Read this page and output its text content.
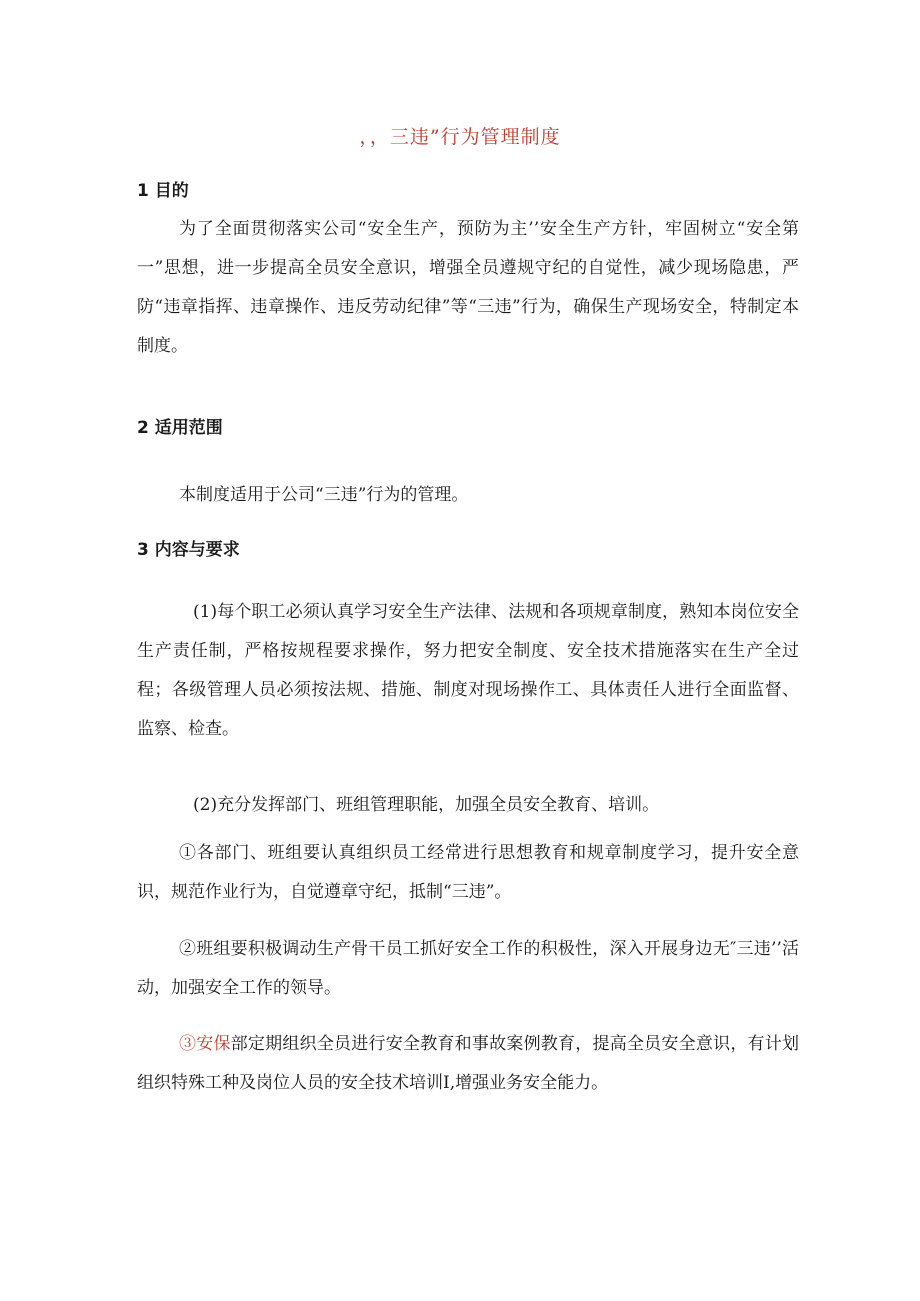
，，三违”行为管理制度
1 目的
为了全面贯彻落实公司“安全生产，预防为主’’安全生产方针，牢固树立“安全第一”思想，进一步提高全员安全意识，增强全员遵规守纪的自觉性，减少现场隐患，严防“违章指挥、违章操作、违反劳动纪律”等“三违”行为，确保生产现场安全，特制定本制度。
2 适用范围
本制度适用于公司“三违”行为的管理。
3 内容与要求
(1)每个职工必须认真学习安全生产法律、法规和各项规章制度，熟知本岗位安全生产责任制，严格按规程要求操作，努力把安全制度、安全技术措施落实在生产全过程；各级管理人员必须按法规、措施、制度对现场操作工、具体责任人进行全面监督、监察、检查。
(2)充分发挥部门、班组管理职能，加强全员安全教育、培训。
①各部门、班组要认真组织员工经常进行思想教育和规章制度学习，提升安全意识，规范作业行为，自觉遵章守纪，抵制“三违”。
②班组要积极调动生产骨干员工抓好安全工作的积极性，深入开展身边无″三违’’活动，加强安全工作的领导。
③安保部定期组织全员进行安全教育和事故案例教育，提高全员安全意识，有计划组织特殊工种及岗位人员的安全技术培训Ⅰ,增强业务安全能力。
